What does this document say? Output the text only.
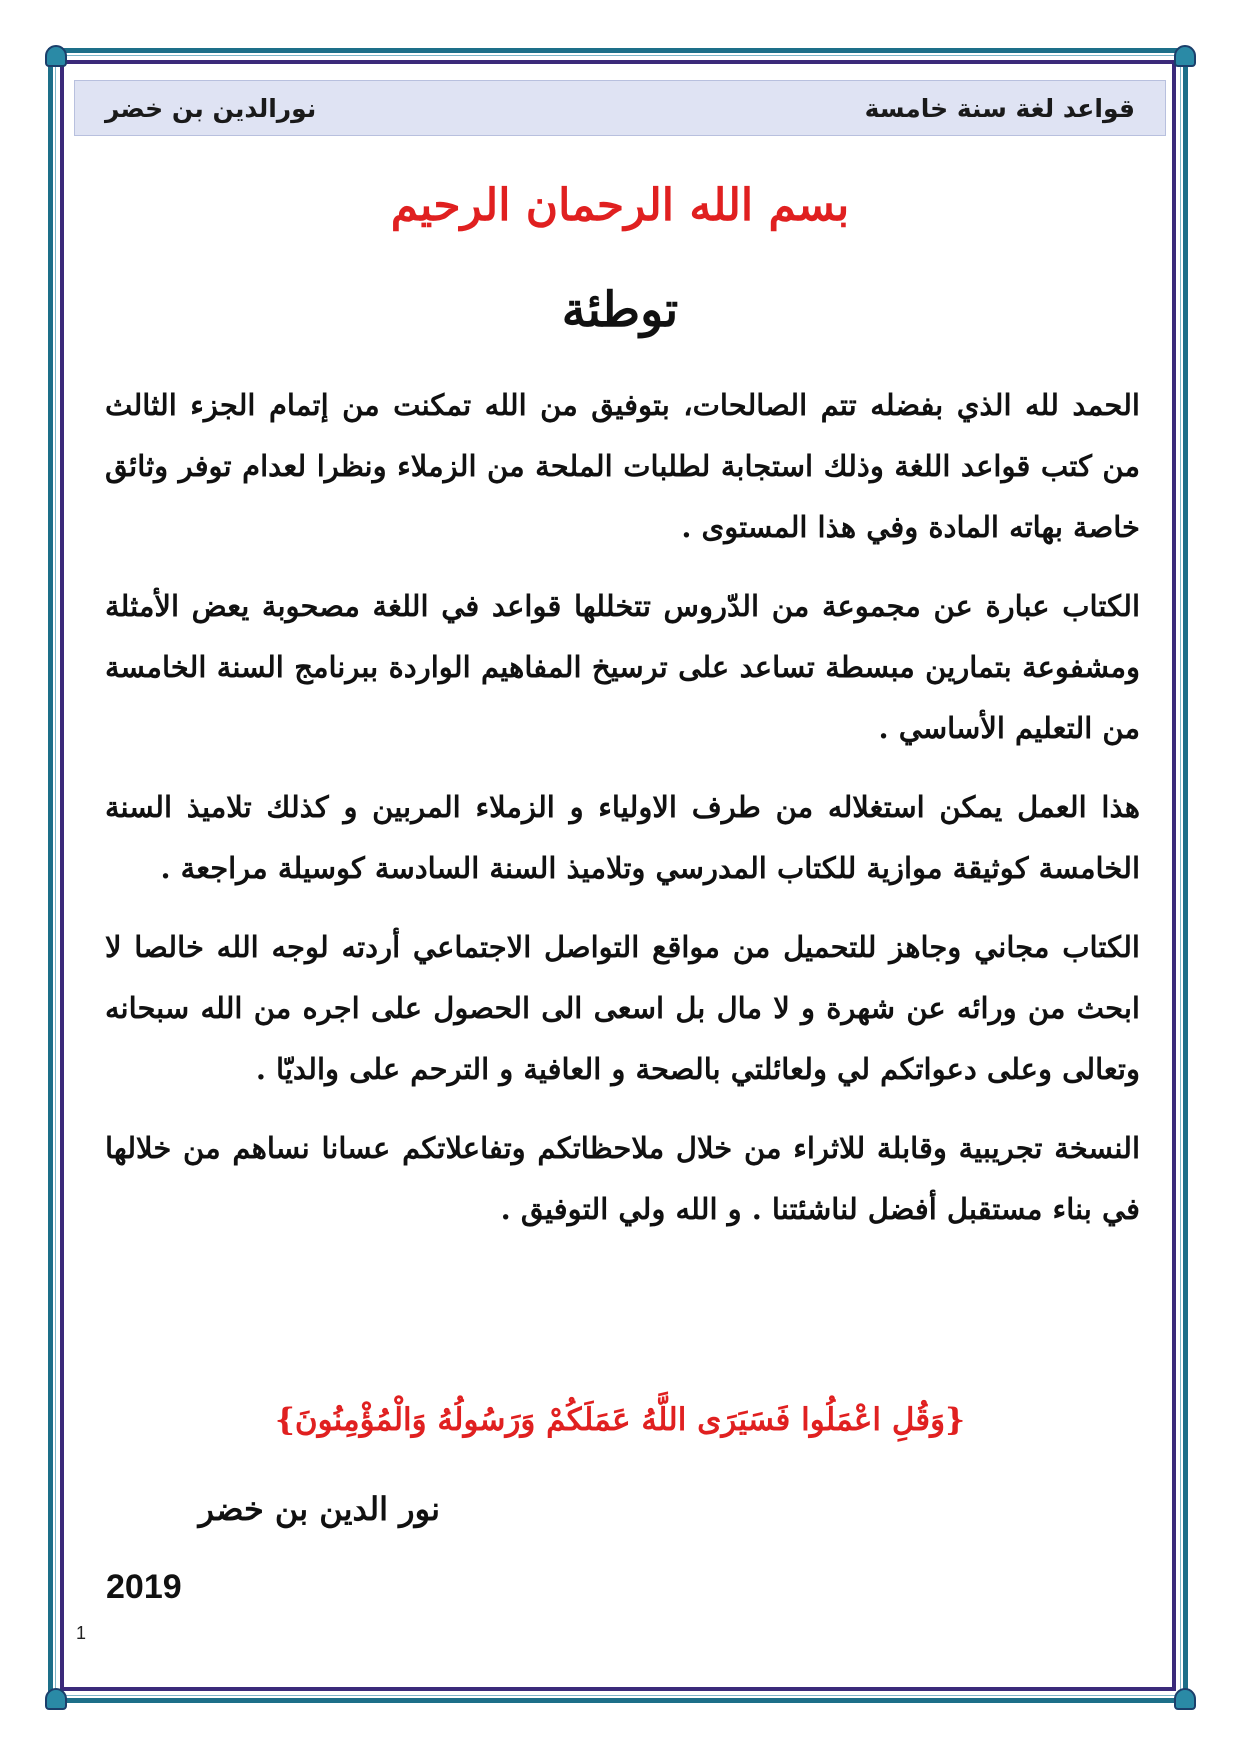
قواعد لغة سنة خامسة
نورالدين بن خضر
بسم الله الرحمان الرحيم
توطئة

الحمد لله الذي بفضله تتم الصالحات، بتوفيق من الله تمكنت من إتمام الجزء الثالث من كتب قواعد اللغة وذلك استجابة لطلبات الملحة من الزملاء ونظرا لعدام توفر وثائق خاصة بهاته المادة وفي هذا المستوى .

الكتاب عبارة عن مجموعة من الدّروس تتخللها قواعد في اللغة مصحوبة يعض الأمثلة ومشفوعة بتمارين مبسطة تساعد على ترسيخ المفاهيم الواردة ببرنامج السنة الخامسة من التعليم الأساسي .

هذا العمل يمكن استغلاله من طرف الاولياء و الزملاء المربين و كذلك تلاميذ السنة الخامسة كوثيقة موازية للكتاب المدرسي وتلاميذ السنة السادسة كوسيلة مراجعة .

الكتاب مجاني وجاهز للتحميل من مواقع التواصل الاجتماعي أردته لوجه الله خالصا لا ابحث من ورائه عن شهرة و لا مال بل اسعى الى الحصول على اجره من الله سبحانه وتعالى وعلى دعواتكم لي ولعائلتي بالصحة و العافية و الترحم على والديّا .

النسخة تجريبية وقابلة للاثراء من خلال ملاحظاتكم وتفاعلاتكم عسانا نساهم من خلالها في بناء مستقبل أفضل لناشئتنا . و الله ولي التوفيق .

{وَقُلِ اعْمَلُوا فَسَيَرَى اللَّهُ عَمَلَكُمْ وَرَسُولُهُ وَالْمُؤْمِنُونَ}
نور الدين بن خضر
2019
1
